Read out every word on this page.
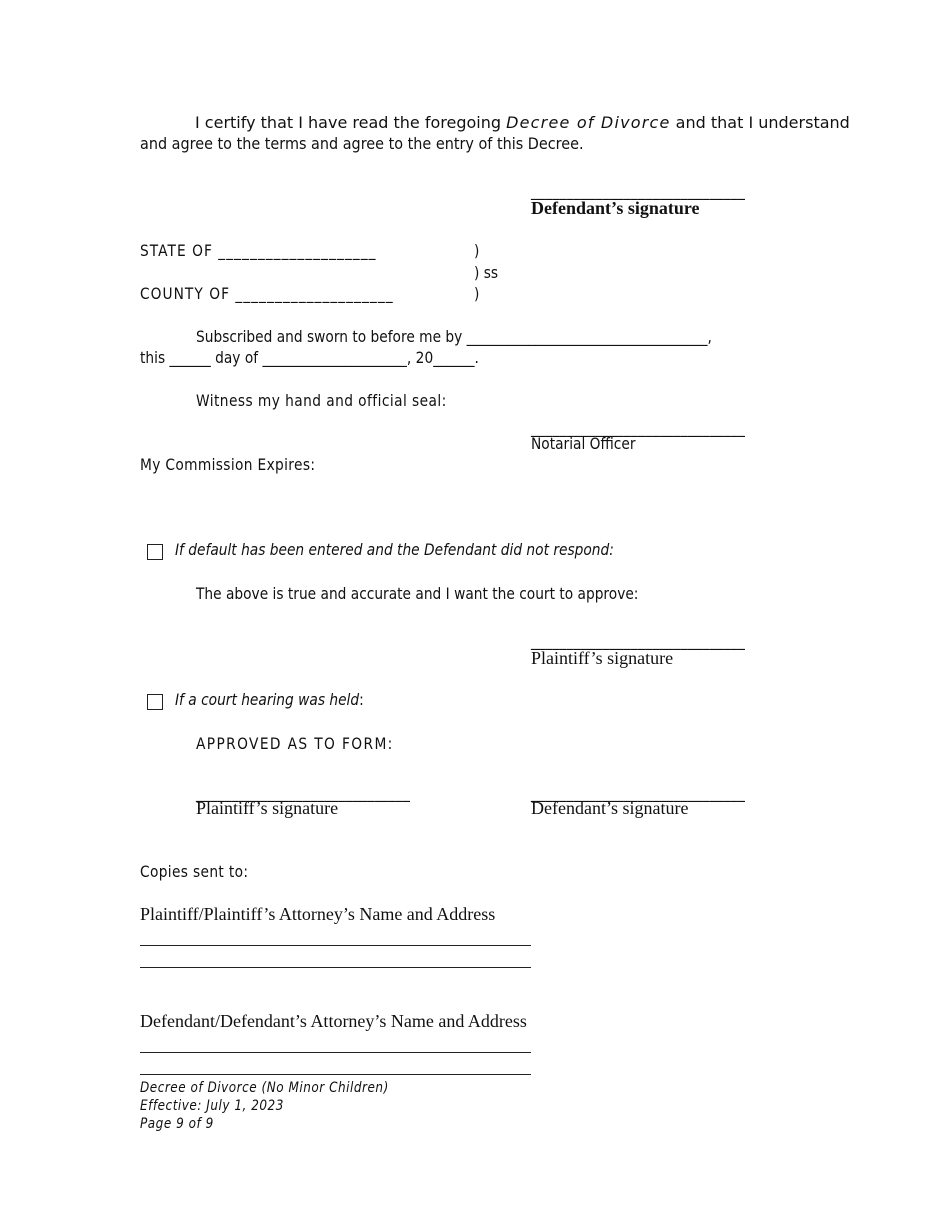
I certify that I have read the foregoing Decree of Divorce and that I understand
and agree to the terms and agree to the entry of this Decree.
______________________________
Defendant’s signature
STATE OF ____________________	)
) ss
COUNTY OF ____________________	)
Subscribed and sworn to before me by ___________________________________,
this ______ day of _____________________, 20______.
Witness my hand and official seal:
______________________________
Notarial Officer
My Commission Expires:
If default has been entered and the Defendant did not respond:
The above is true and accurate and I want the court to approve:
______________________________
Plaintiff’s signature
If a court hearing was held:
APPROVED AS TO FORM:
______________________________
Plaintiff’s signature
______________________________
Defendant’s signature
Copies sent to:
Plaintiff/Plaintiff’s Attorney’s Name and Address
Defendant/Defendant’s Attorney’s Name and Address
Decree of Divorce (No Minor Children)
Effective: July 1, 2023
Page 9 of 9
